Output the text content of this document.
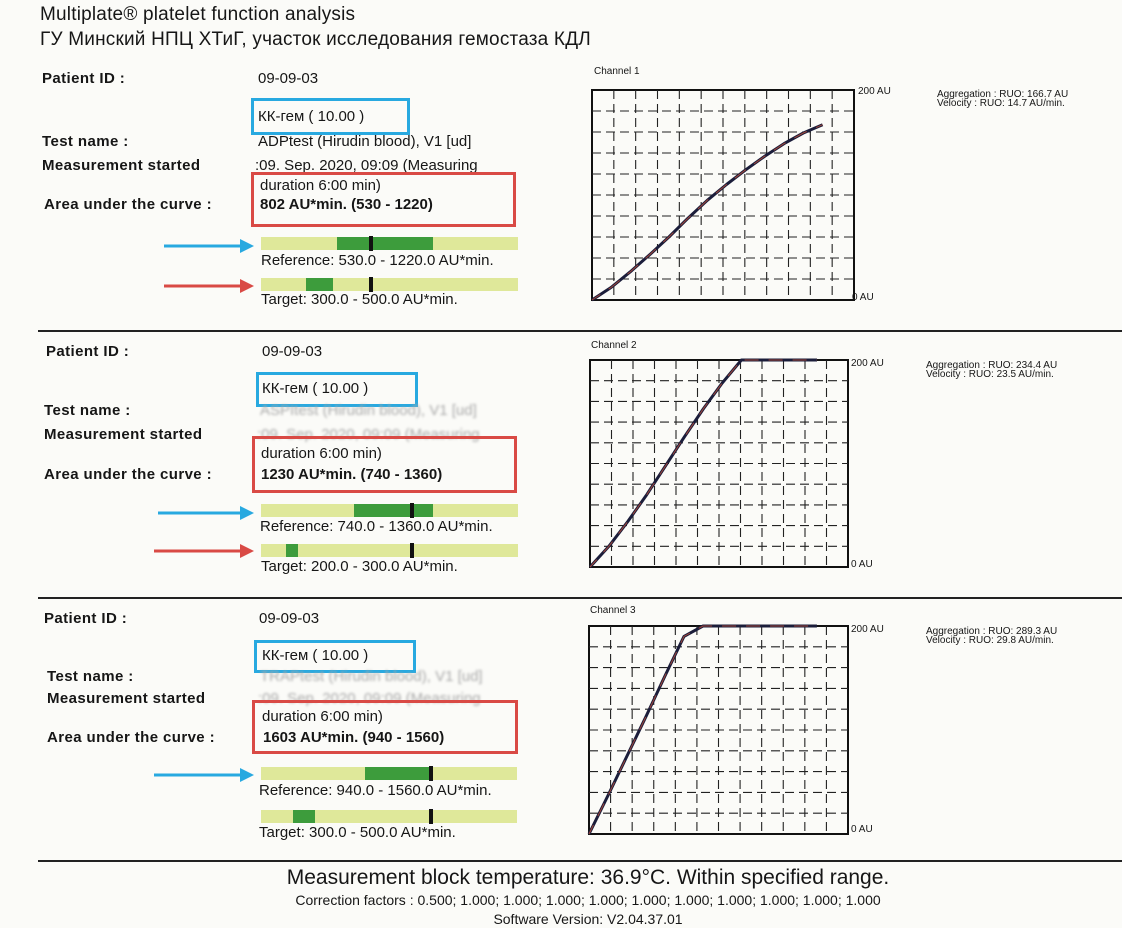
Multiplate® platelet function analysis
ГУ Минский НПЦ ХТиГ, участок исследования гемостаза КДЛ
Patient ID :	09-09-03
КК-гем ( 10.00 )
Test name :	ADPtest (Hirudin blood), V1 [ud]
Measurement started	:09. Sep. 2020, 09:09 (Measuring
duration 6:00 min)
Area under the curve :	802 AU*min. (530 - 1220)
Reference: 530.0 - 1220.0 AU*min.
Target: 300.0 - 500.0 AU*min.
Channel 1
200 AU
0 AU
Aggregation : RUO: 166.7 AU
Velocity : RUO: 14.7 AU/min.
Patient ID :	09-09-03
КК-гем ( 10.00 )
Test name :	ASPItest (Hirudin blood), V1 [ud]
Measurement started	:09. Sep. 2020, 09:09 (Measuring
duration 6:00 min)
Area under the curve :	1230 AU*min. (740 - 1360)
Reference: 740.0 - 1360.0 AU*min.
Target: 200.0 - 300.0 AU*min.
Channel 2
200 AU
0 AU
Aggregation : RUO: 234.4 AU
Velocity : RUO: 23.5 AU/min.
Patient ID :	09-09-03
КК-гем ( 10.00 )
Test name :	TRAPtest (Hirudin blood), V1 [ud]
Measurement started	:09. Sep. 2020, 09:09 (Measuring
duration 6:00 min)
Area under the curve :	1603 AU*min. (940 - 1560)
Reference: 940.0 - 1560.0 AU*min.
Target: 300.0 - 500.0 AU*min.
Channel 3
200 AU
0 AU
Aggregation : RUO: 289.3 AU
Velocity : RUO: 29.8 AU/min.
Measurement block temperature: 36.9°C. Within specified range.
Correction factors : 0.500; 1.000; 1.000; 1.000; 1.000; 1.000; 1.000; 1.000; 1.000; 1.000; 1.000
Software Version: V2.04.37.01
